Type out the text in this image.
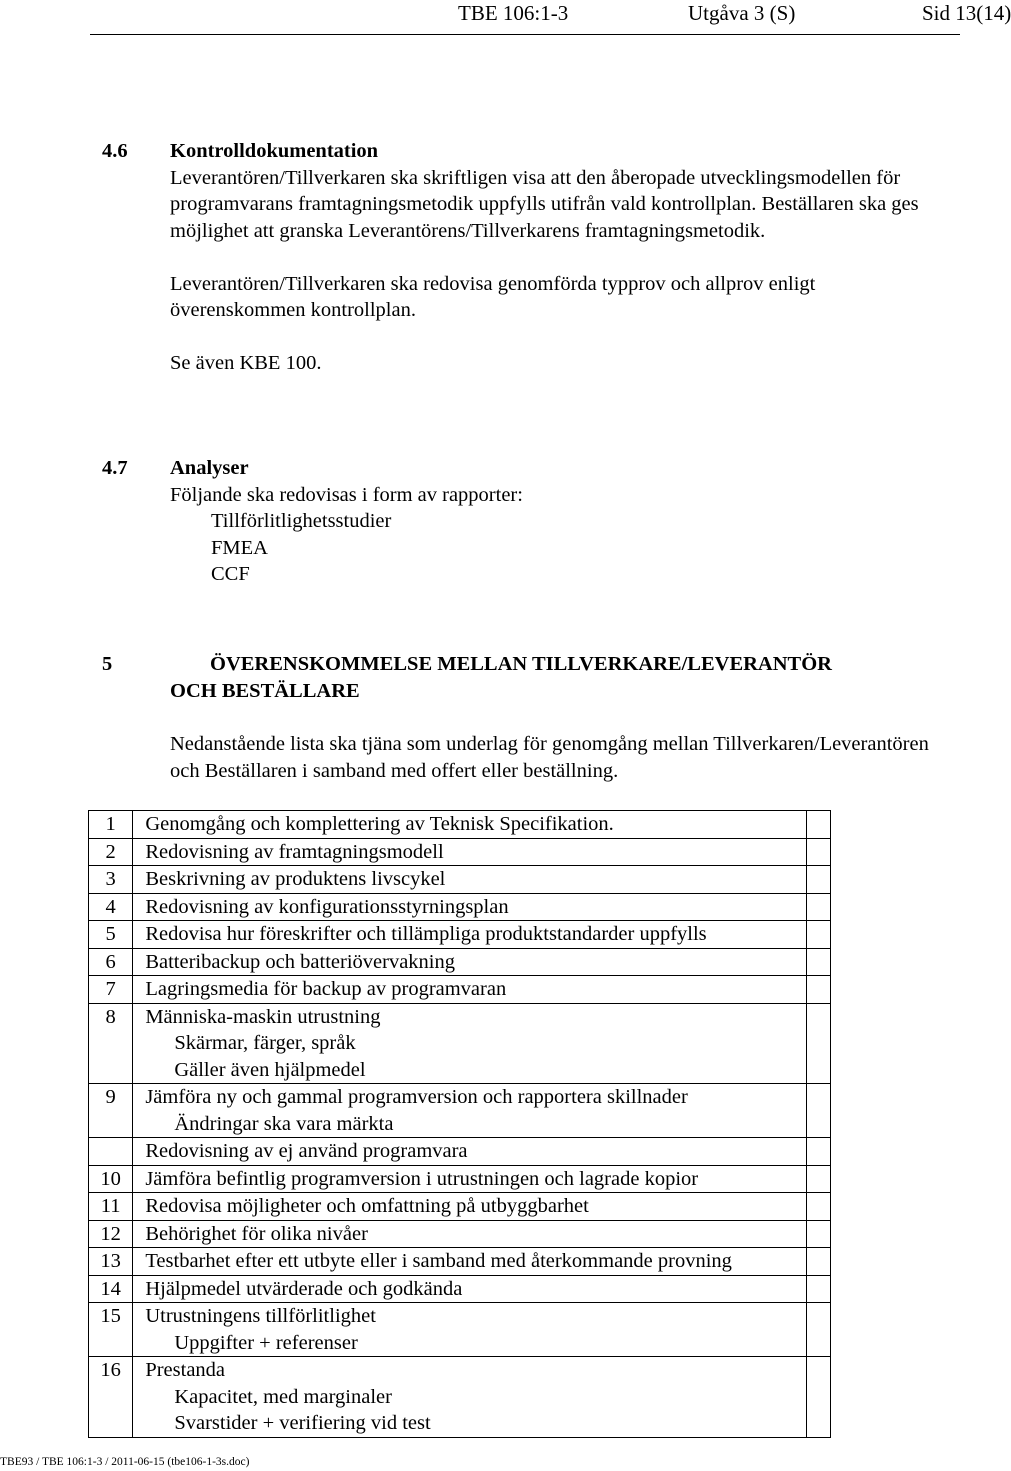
TBE 106:1-3	Utgåva 3 (S)	Sid 13(14)
4.6 Kontrolldokumentation

Leverantören/Tillverkaren ska skriftligen visa att den åberopade utvecklingsmodellen för programvarans framtagningsmetodik uppfylls utifrån vald kontrollplan. Beställaren ska ges möjlighet att granska Leverantörens/Tillverkarens framtagningsmetodik.

Leverantören/Tillverkaren ska redovisa genomförda typprov och allprov enligt överenskommen kontrollplan.

Se även KBE 100.

4.7 Analyser

Följande ska redovisas i form av rapporter:

Tillförlitlighetsstudier

FMEA

CCF

5	ÖVERENSKOMMELSE MELLAN TILLVERKARE/LEVERANTÖR
OCH BESTÄLLARE

Nedanstående lista ska tjäna som underlag för genomgång mellan Tillverkaren/Leverantören och Beställaren i samband med offert eller beställning.

1	Genomgång och komplettering av Teknisk Specifikation.	

2	Redovisning av framtagningsmodell	

3	Beskrivning av produktens livscykel	

4	Redovisning av konfigurationsstyrningsplan	

5	Redovisa hur föreskrifter och tillämpliga produktstandarder uppfylls	

6	Batteribackup och batteriövervakning	

7	Lagringsmedia för backup av programvaran	

8	Människa-maskin utrustning
Skärmar, färger, språk
Gäller även hjälpmedel	

9	Jämföra ny och gammal programversion och rapportera skillnader
Ändringar ska vara märkta	

	Redovisning av ej använd programvara	

10	Jämföra befintlig programversion i utrustningen och lagrade kopior	

11	Redovisa möjligheter och omfattning på utbyggbarhet	

12	Behörighet för olika nivåer	

13	Testbarhet efter ett utbyte eller i samband med återkommande provning	

14	Hjälpmedel utvärderade och godkända	

15	Utrustningens tillförlitlighet
Uppgifter + referenser	

16	Prestanda
Kapacitet, med marginaler
Svarstider + verifiering vid test	

TBE93 / TBE 106:1-3 / 2011-06-15 (tbe106-1-3s.doc)
